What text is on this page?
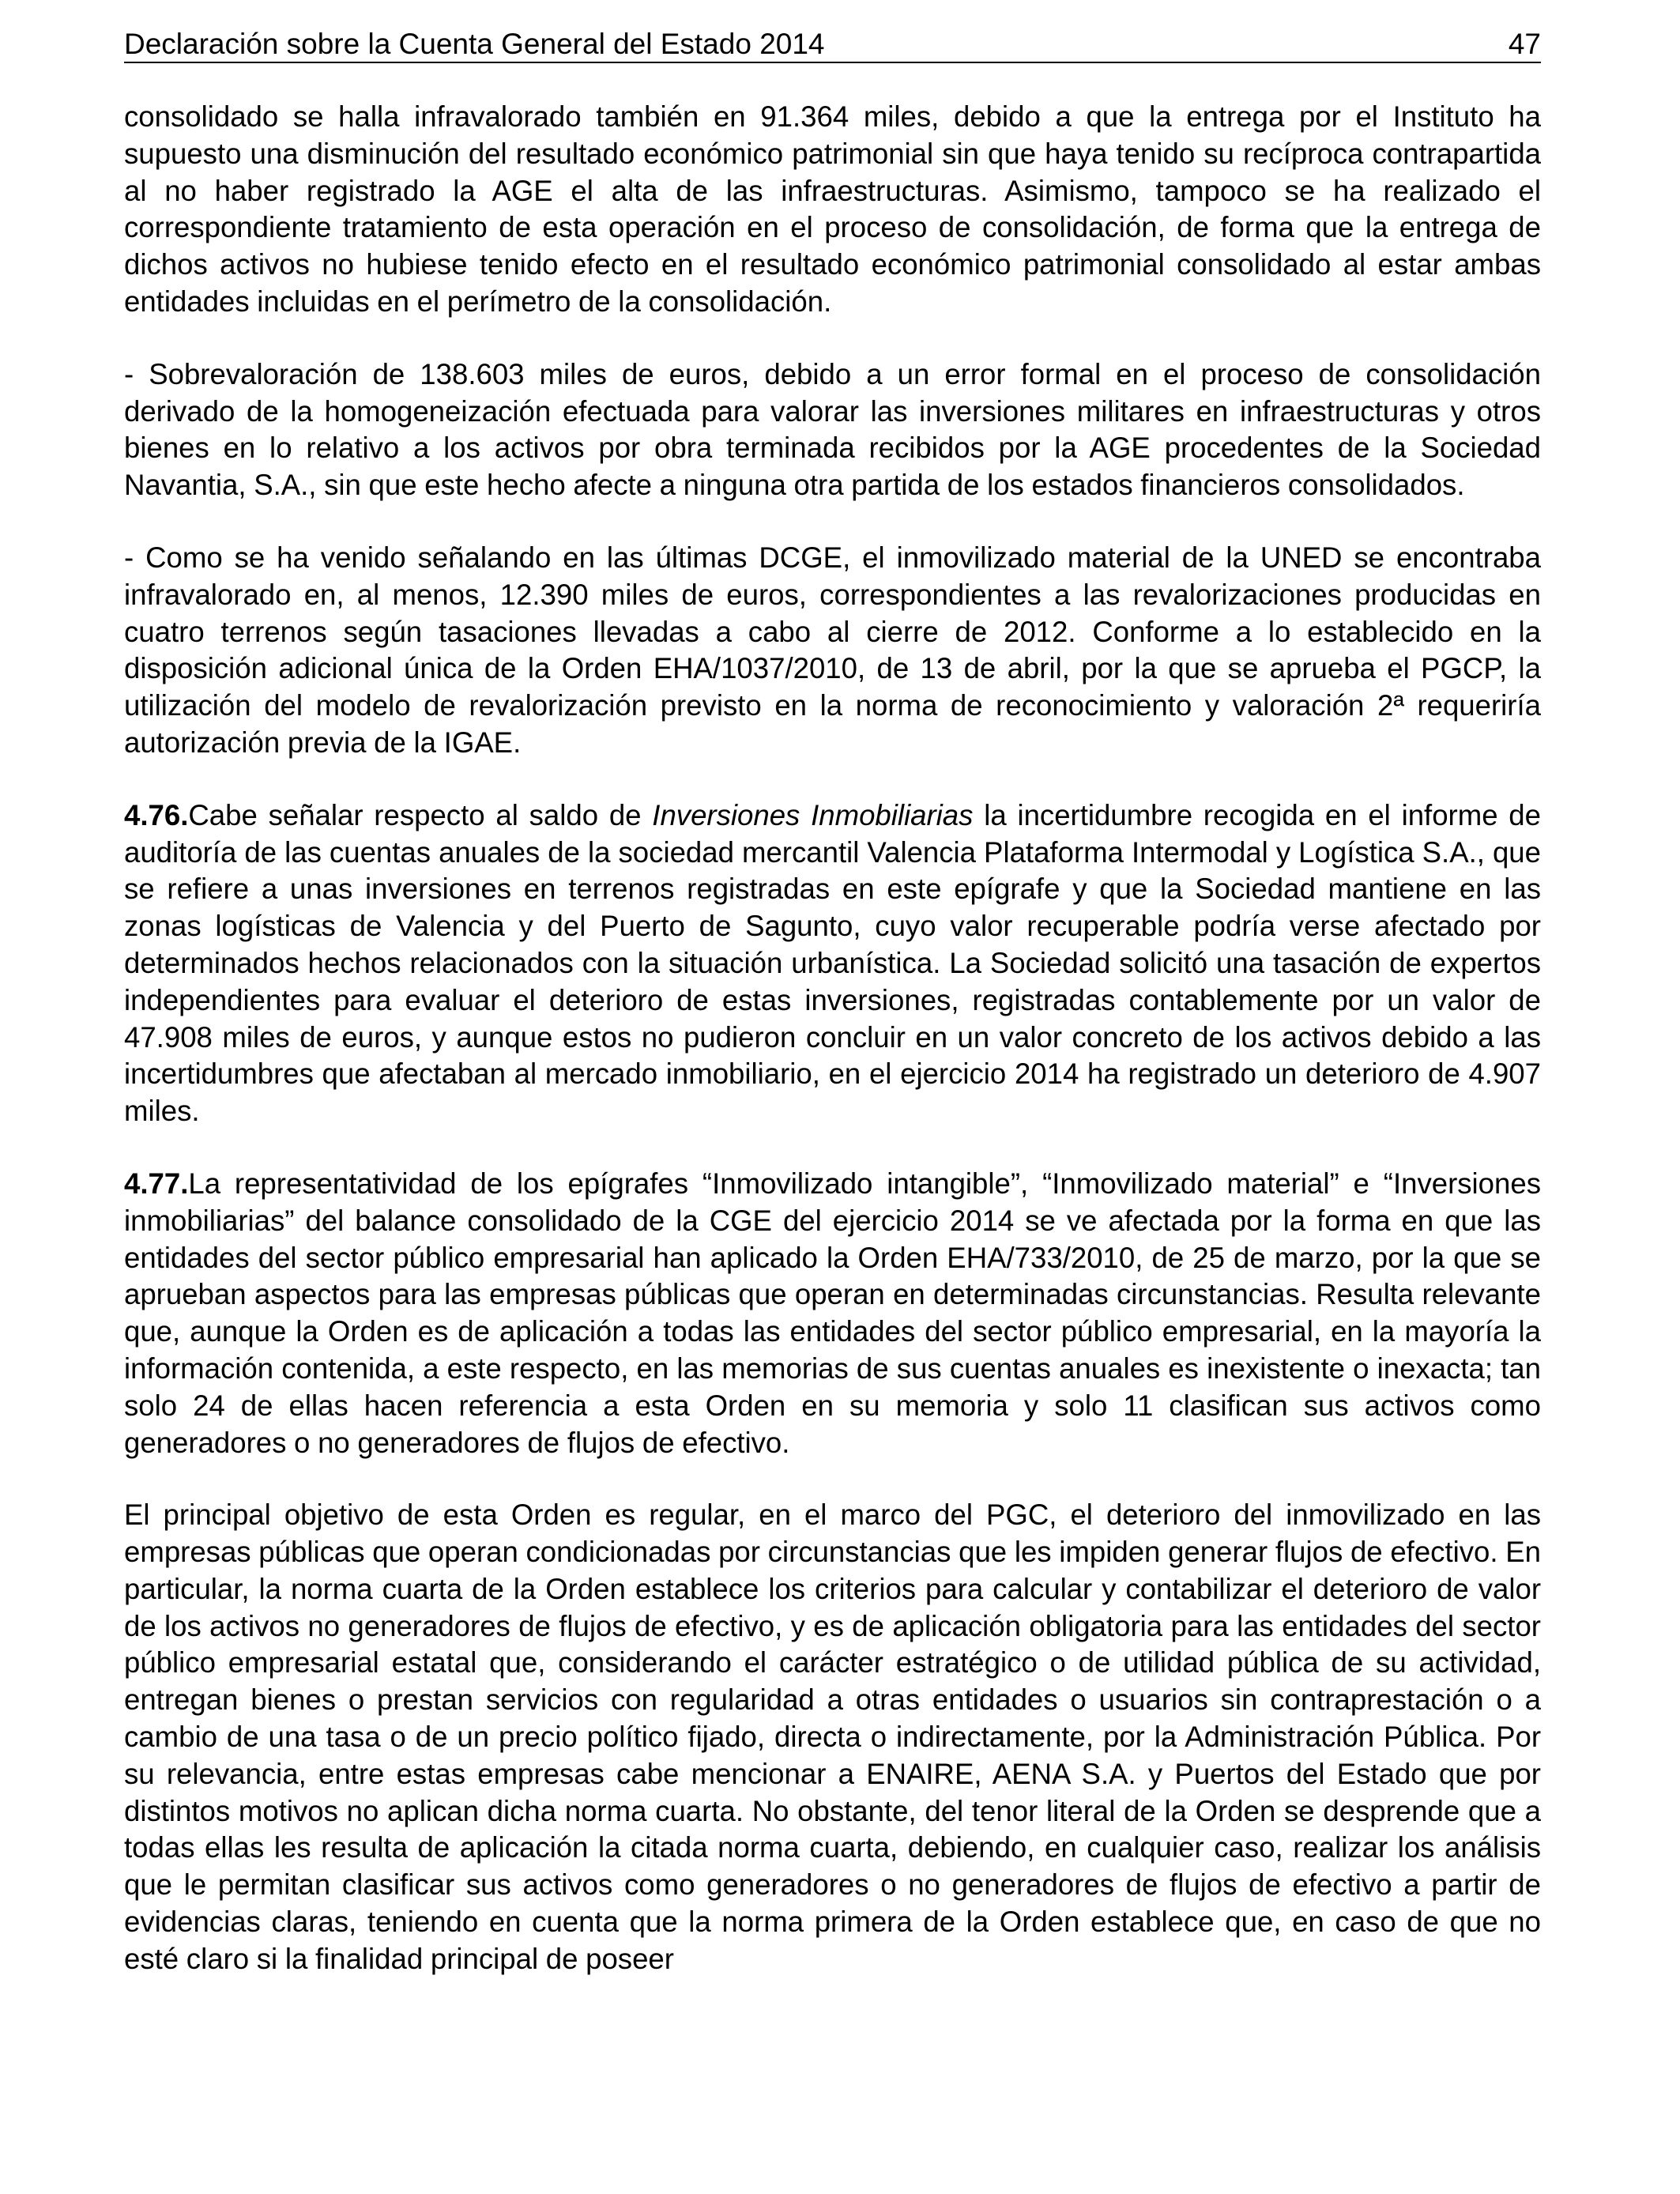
Declaración sobre la Cuenta General del Estado 2014	47

consolidado se halla infravalorado también en 91.364 miles, debido a que la entrega por el Instituto ha supuesto una disminución del resultado económico patrimonial sin que haya tenido su recíproca contrapartida al no haber registrado la AGE el alta de las infraestructuras. Asimismo, tampoco se ha realizado el correspondiente tratamiento de esta operación en el proceso de consolidación, de forma que la entrega de dichos activos no hubiese tenido efecto en el resultado económico patrimonial consolidado al estar ambas entidades incluidas en el perímetro de la consolidación.

- Sobrevaloración de 138.603 miles de euros, debido a un error formal en el proceso de consolidación derivado de la homogeneización efectuada para valorar las inversiones militares en infraestructuras y otros bienes en lo relativo a los activos por obra terminada recibidos por la AGE procedentes de la Sociedad Navantia, S.A., sin que este hecho afecte a ninguna otra partida de los estados financieros consolidados.

- Como se ha venido señalando en las últimas DCGE, el inmovilizado material de la UNED se encontraba infravalorado en, al menos, 12.390 miles de euros, correspondientes a las revalorizaciones producidas en cuatro terrenos según tasaciones llevadas a cabo al cierre de 2012. Conforme a lo establecido en la disposición adicional única de la Orden EHA/1037/2010, de 13 de abril, por la que se aprueba el PGCP, la utilización del modelo de revalorización previsto en la norma de reconocimiento y valoración 2ª requeriría autorización previa de la IGAE.

4.76.Cabe señalar respecto al saldo de Inversiones Inmobiliarias la incertidumbre recogida en el informe de auditoría de las cuentas anuales de la sociedad mercantil Valencia Plataforma Intermodal y Logística S.A., que se refiere a unas inversiones en terrenos registradas en este epígrafe y que la Sociedad mantiene en las zonas logísticas de Valencia y del Puerto de Sagunto, cuyo valor recuperable podría verse afectado por determinados hechos relacionados con la situación urbanística. La Sociedad solicitó una tasación de expertos independientes para evaluar el deterioro de estas inversiones, registradas contablemente por un valor de 47.908 miles de euros, y aunque estos no pudieron concluir en un valor concreto de los activos debido a las incertidumbres que afectaban al mercado inmobiliario, en el ejercicio 2014 ha registrado un deterioro de 4.907 miles.

4.77.La representatividad de los epígrafes “Inmovilizado intangible”, “Inmovilizado material” e “Inversiones inmobiliarias” del balance consolidado de la CGE del ejercicio 2014 se ve afectada por la forma en que las entidades del sector público empresarial han aplicado la Orden EHA/733/2010, de 25 de marzo, por la que se aprueban aspectos para las empresas públicas que operan en determinadas circunstancias. Resulta relevante que, aunque la Orden es de aplicación a todas las entidades del sector público empresarial, en la mayoría la información contenida, a este respecto, en las memorias de sus cuentas anuales es inexistente o inexacta; tan solo 24 de ellas hacen referencia a esta Orden en su memoria y solo 11 clasifican sus activos como generadores o no generadores de flujos de efectivo.

El principal objetivo de esta Orden es regular, en el marco del PGC, el deterioro del inmovilizado en las empresas públicas que operan condicionadas por circunstancias que les impiden generar flujos de efectivo. En particular, la norma cuarta de la Orden establece los criterios para calcular y contabilizar el deterioro de valor de los activos no generadores de flujos de efectivo, y es de aplicación obligatoria para las entidades del sector público empresarial estatal que, considerando el carácter estratégico o de utilidad pública de su actividad, entregan bienes o prestan servicios con regularidad a otras entidades o usuarios sin contraprestación o a cambio de una tasa o de un precio político fijado, directa o indirectamente, por la Administración Pública. Por su relevancia, entre estas empresas cabe mencionar a ENAIRE, AENA S.A. y Puertos del Estado que por distintos motivos no aplican dicha norma cuarta. No obstante, del tenor literal de la Orden se desprende que a todas ellas les resulta de aplicación la citada norma cuarta, debiendo, en cualquier caso, realizar los análisis que le permitan clasificar sus activos como generadores o no generadores de flujos de efectivo a partir de evidencias claras, teniendo en cuenta que la norma primera de la Orden establece que, en caso de que no esté claro si la finalidad principal de poseer
